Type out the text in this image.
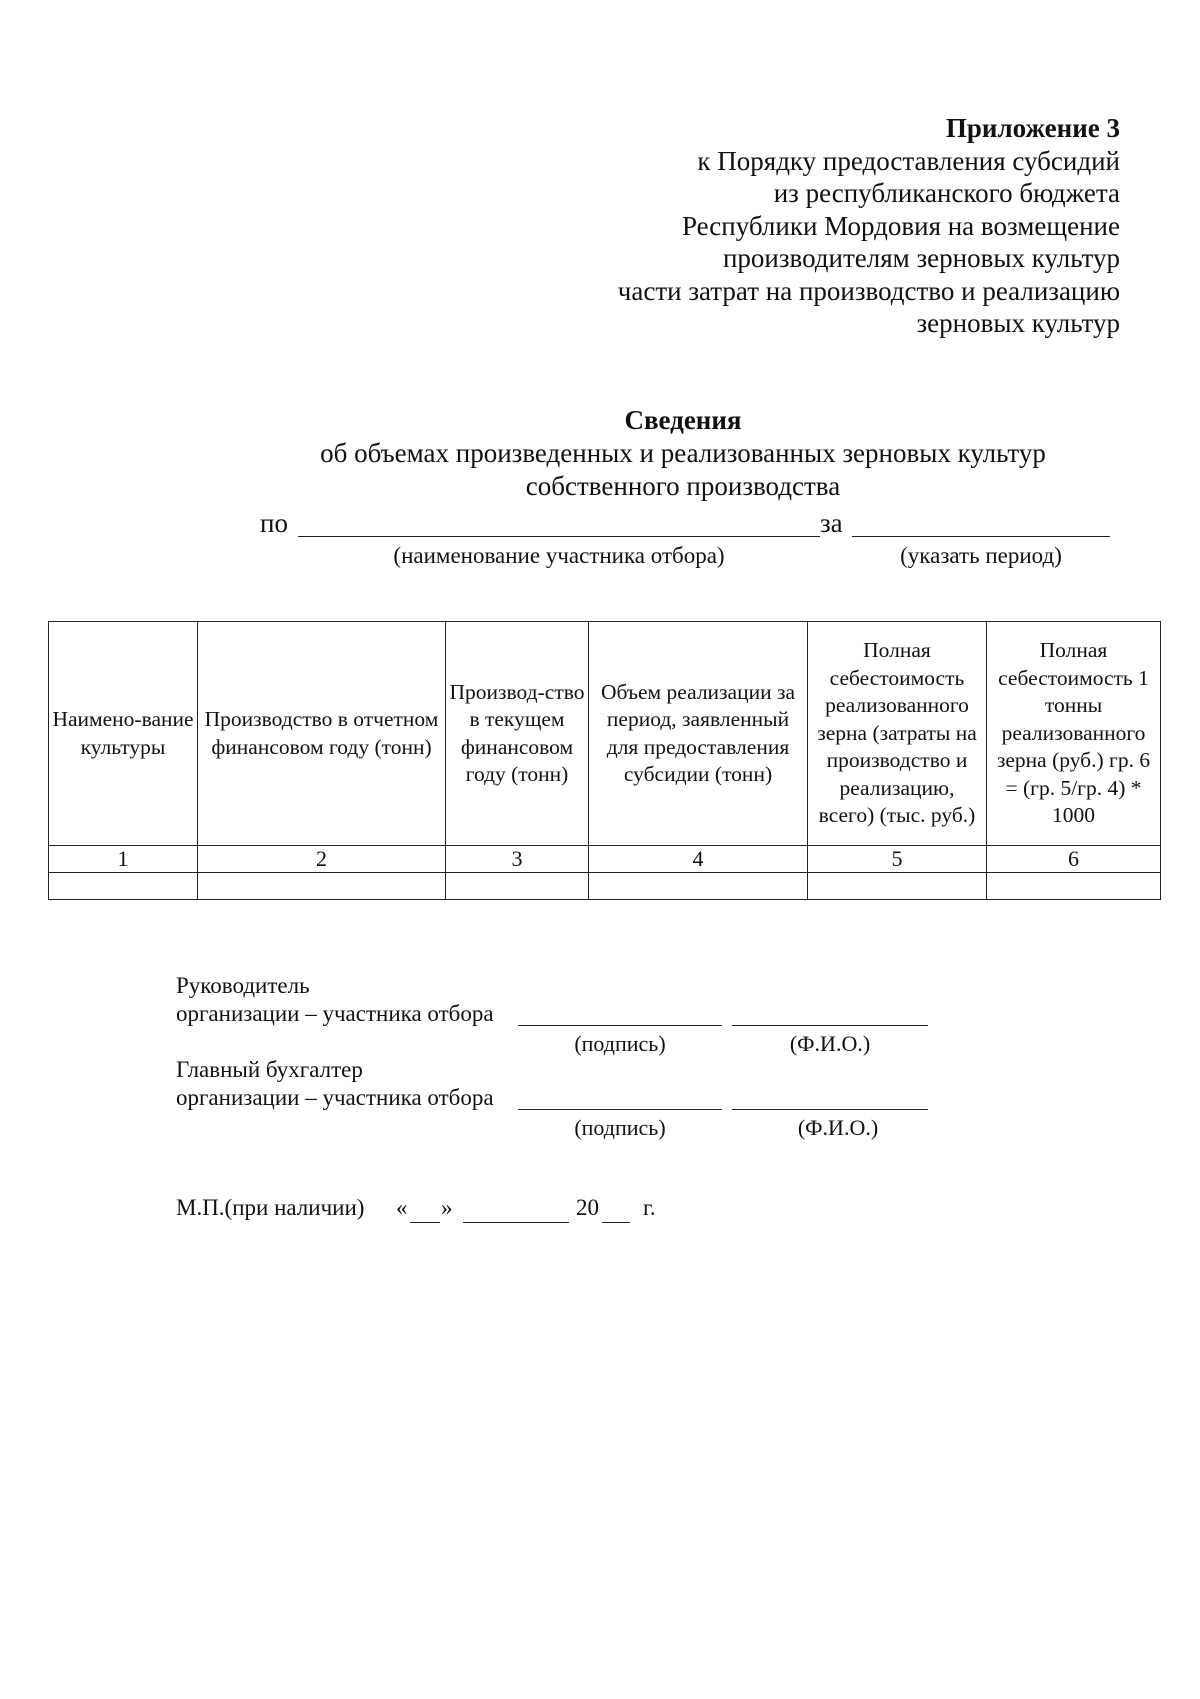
Приложение 3
к Порядку предоставления субсидий
из республиканского бюджета
Республики Мордовия на возмещение
производителям зерновых культур
части затрат на производство и реализацию
зерновых культур
Сведения
об объемах произведенных и реализованных зерновых культур
собственного производства
по	за
(наименование участника отбора)	(указать период)
Наимено-вание культуры	Производство в отчетном финансовом году (тонн)	Производ-ство в текущем финансовом году (тонн)	Объем реализации за период, заявленный для предоставления субсидии (тонн)	Полная себестоимость реализованного зерна (затраты на производство и реализацию, всего) (тыс. руб.)	Полная себестоимость 1 тонны реализованного зерна (руб.) гр. 6 = (гр. 5/гр. 4) * 1000
1	2	3	4	5	6

Руководитель
организации – участника отбора
(подпись)	(Ф.И.О.)
Главный бухгалтер
организации – участника отбора
(подпись)	(Ф.И.О.)
М.П.(при наличии) « »	20 г.
